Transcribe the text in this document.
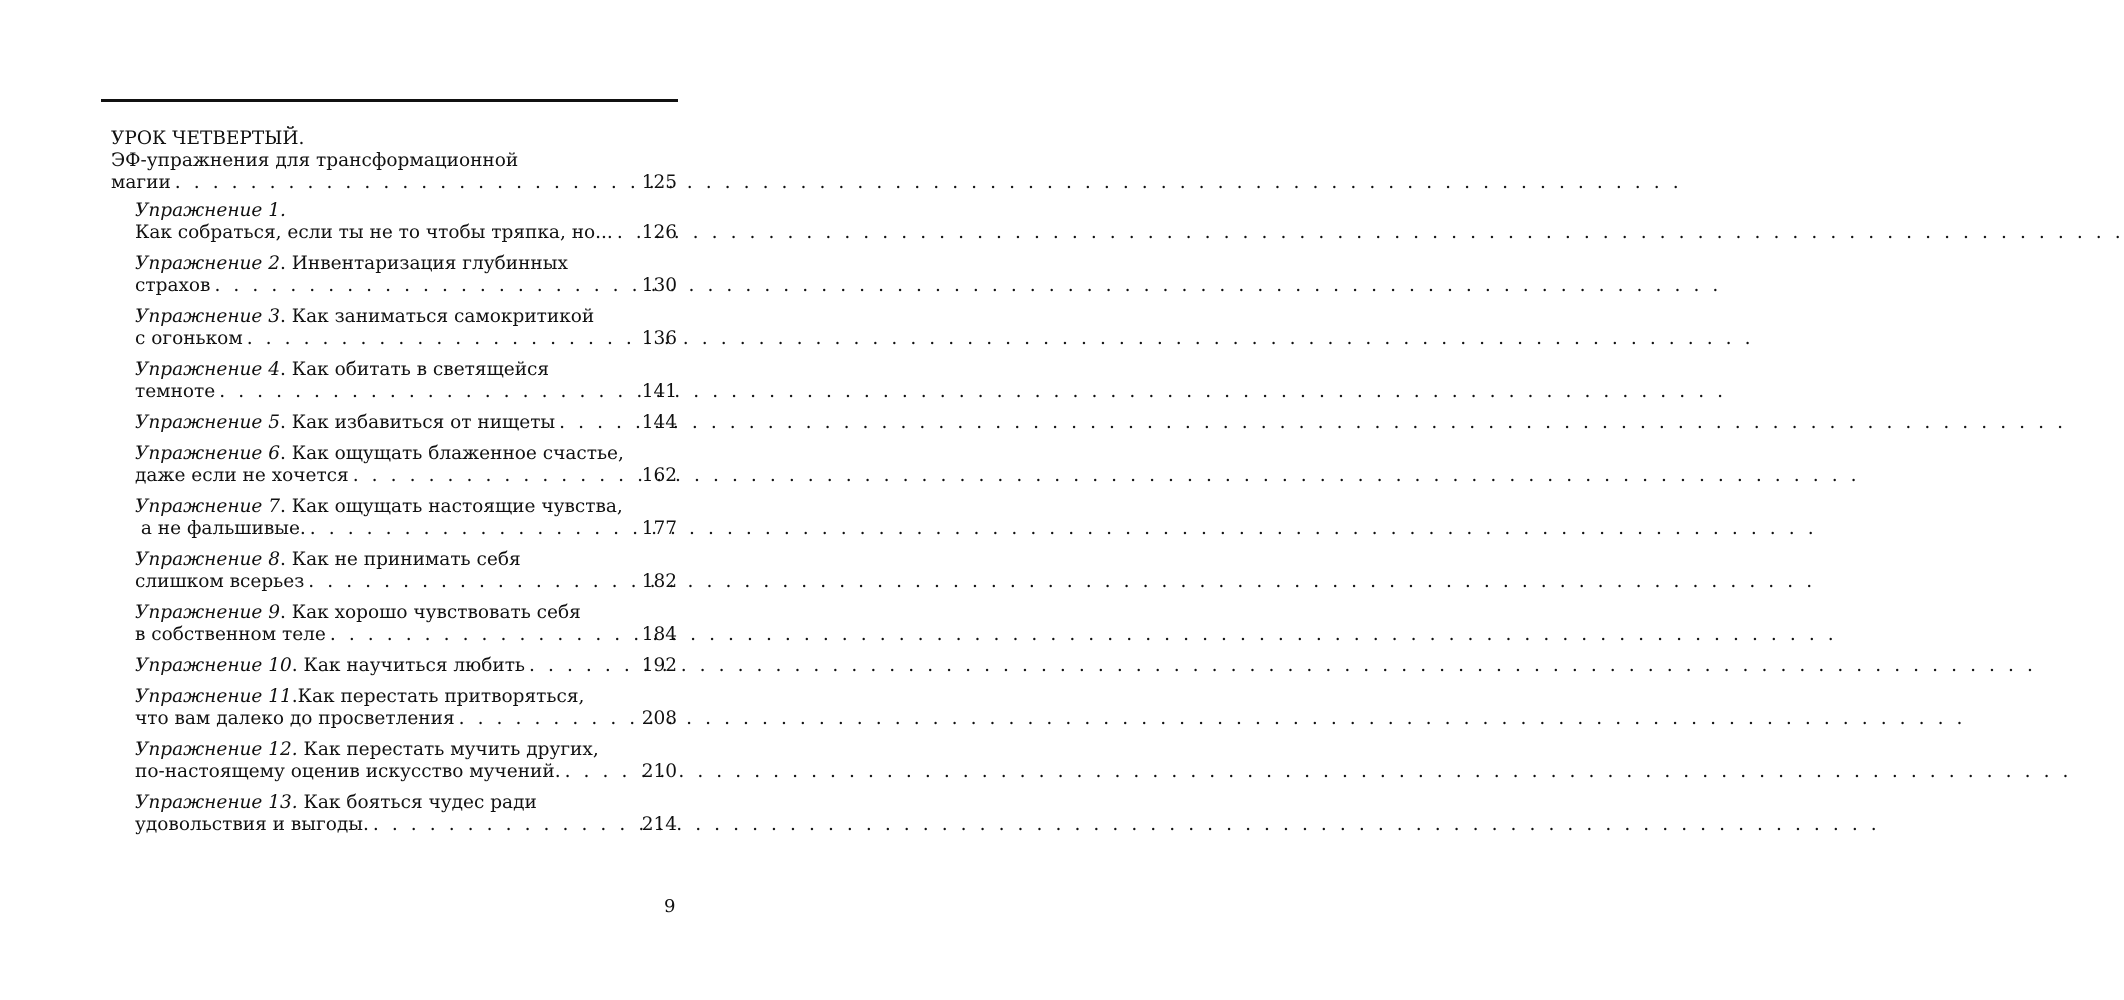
УРОК ЧЕТВЕРТЫЙ.
ЭФ-упражнения для трансформационной
магии . . .	125
Упражнение 1.
Как собраться, если ты не то чтобы тряпка, но... . . . 126
Упражнение 2. Инвентаризация глубинных
страхов . . .	130
Упражнение 3. Как заниматься самокритикой
с огоньком . . .	136
Упражнение 4. Как обитать в светящейся
темноте . . .	141
Упражнение 5. Как избавиться от нищеты . . .	144
Упражнение 6. Как ощущать блаженное счастье,
даже если не хочется . . .	162
Упражнение 7. Как ощущать настоящие чувства,
а не фальшивые. . . .	177
Упражнение 8. Как не принимать себя
слишком всерьез . . .	182
Упражнение 9. Как хорошо чувствовать себя
в собственном теле . . .	184
Упражнение 10. Как научиться любить . . .	192
Упражнение 11.Как перестать притворяться,
что вам далеко до просветления . . .	208
Упражнение 12. Как перестать мучить других,
по-настоящему оценив искусство мучений. . . .	210
Упражнение 13. Как бояться чудес ради
удовольствия и выгоды. . . .	214
9
